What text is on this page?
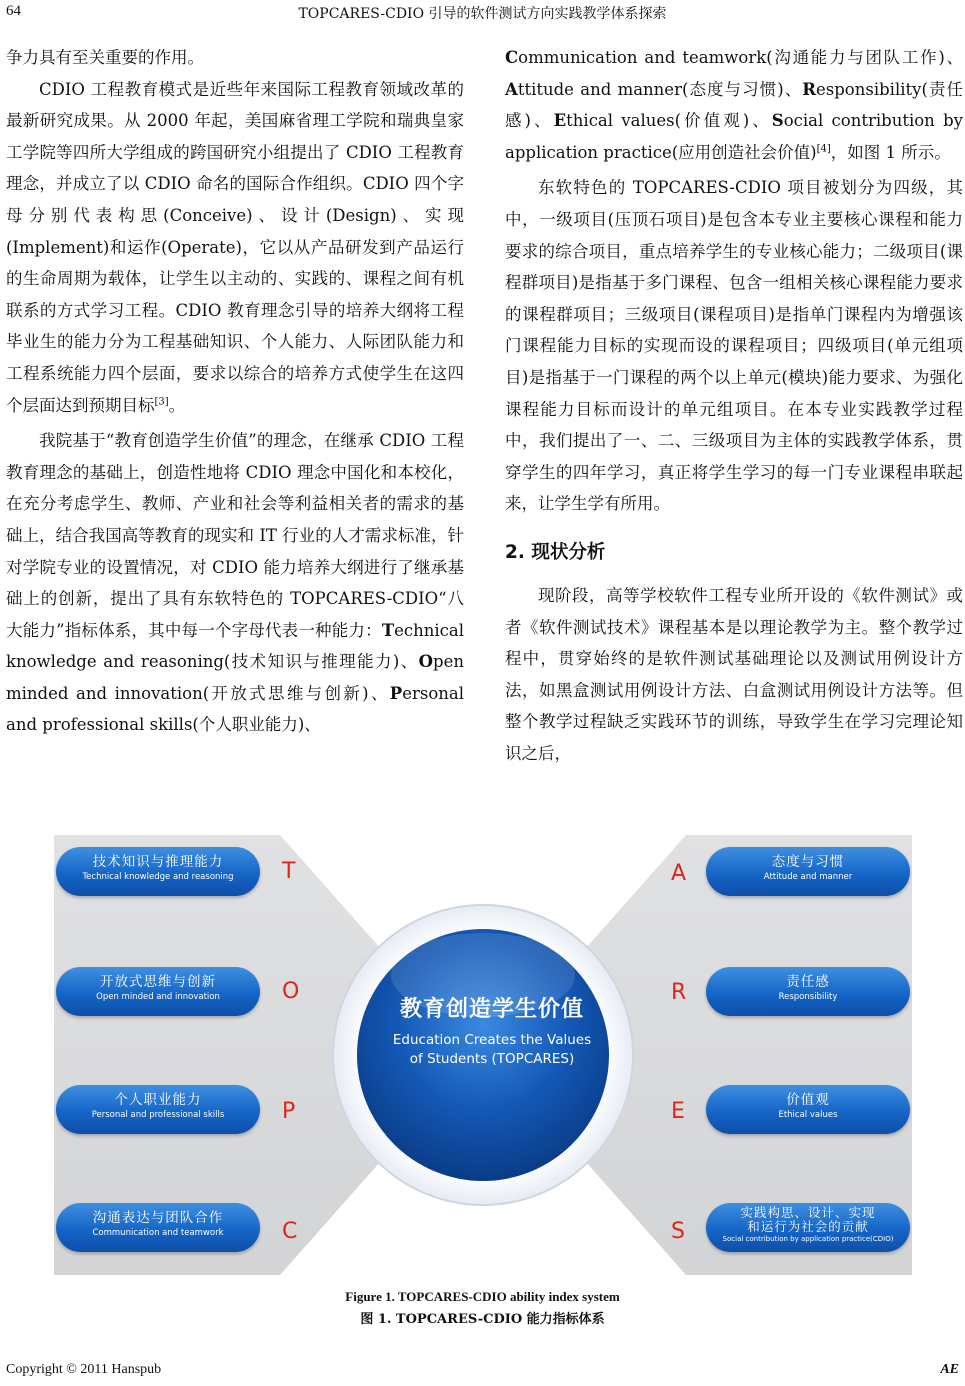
64	TOPCARES-CDIO 引导的软件测试方向实践教学体系探索

争力具有至关重要的作用。

CDIO 工程教育模式是近些年来国际工程教育领域改革的最新研究成果。从 2000 年起，美国麻省理工学院和瑞典皇家工学院等四所大学组成的跨国研究小组提出了 CDIO 工程教育理念，并成立了以 CDIO 命名的国际合作组织。CDIO 四个字母分别代表构思(Conceive)、设计(Design)、实现(Implement)和运作(Operate)，它以从产品研发到产品运行的生命周期为载体，让学生以主动的、实践的、课程之间有机联系的方式学习工程。CDIO 教育理念引导的培养大纲将工程毕业生的能力分为工程基础知识、个人能力、人际团队能力和工程系统能力四个层面，要求以综合的培养方式使学生在这四个层面达到预期目标[3]。

我院基于“教育创造学生价值”的理念，在继承 CDIO 工程教育理念的基础上，创造性地将 CDIO 理念中国化和本校化，在充分考虑学生、教师、产业和社会等利益相关者的需求的基础上，结合我国高等教育的现实和 IT 行业的人才需求标准，针对学院专业的设置情况，对 CDIO 能力培养大纲进行了继承基础上的创新，提出了具有东软特色的 TOPCARES-CDIO“八大能力”指标体系，其中每一个字母代表一种能力：Technical knowledge and reasoning(技术知识与推理能力)、Open minded and innovation(开放式思维与创新)、Personal and professional skills(个人职业能力)、

Communication and teamwork(沟通能力与团队工作)、Attitude and manner(态度与习惯)、Responsibility(责任感)、Ethical values(价值观)、Social contribution by application practice(应用创造社会价值)[4]，如图 1 所示。

东软特色的 TOPCARES-CDIO 项目被划分为四级，其中，一级项目(压顶石项目)是包含本专业主要核心课程和能力要求的综合项目，重点培养学生的专业核心能力；二级项目(课程群项目)是指基于多门课程、包含一组相关核心课程能力要求的课程群项目；三级项目(课程项目)是指单门课程内为增强该门课程能力目标的实现而设的课程项目；四级项目(单元组项目)是指基于一门课程的两个以上单元(模块)能力要求、为强化课程能力目标而设计的单元组项目。在本专业实践教学过程中，我们提出了一、二、三级项目为主体的实践教学体系，贯穿学生的四年学习，真正将学生学习的每一门专业课程串联起来，让学生学有所用。

2. 现状分析

现阶段，高等学校软件工程专业所开设的《软件测试》或者《软件测试技术》课程基本是以理论教学为主。整个教学过程中，贯穿始终的是软件测试基础理论以及测试用例设计方法，如黑盒测试用例设计方法、白盒测试用例设计方法等。但整个教学过程缺乏实践环节的训练，导致学生在学习完理论知识之后，

技术知识与推理能力
Technical knowledge and reasoning	T
开放式思维与创新
Open minded and innovation	O
个人职业能力
Personal and professional skills	P
沟通表达与团队合作
Communication and teamwork	C
A	态度与习惯
Attitude and manner
R	责任感
Responsibility
E	价值观
Ethical values
S
实践构思、设计、实现
和运行为社会的贡献
Social contribution by application practice(CDIO)
教育创造学生价值
Education Creates the Values
of Students (TOPCARES)
Figure 1. TOPCARES-CDIO ability index system
图 1. TOPCARES-CDIO 能力指标体系
Copyright © 2011 Hanspub	AE
